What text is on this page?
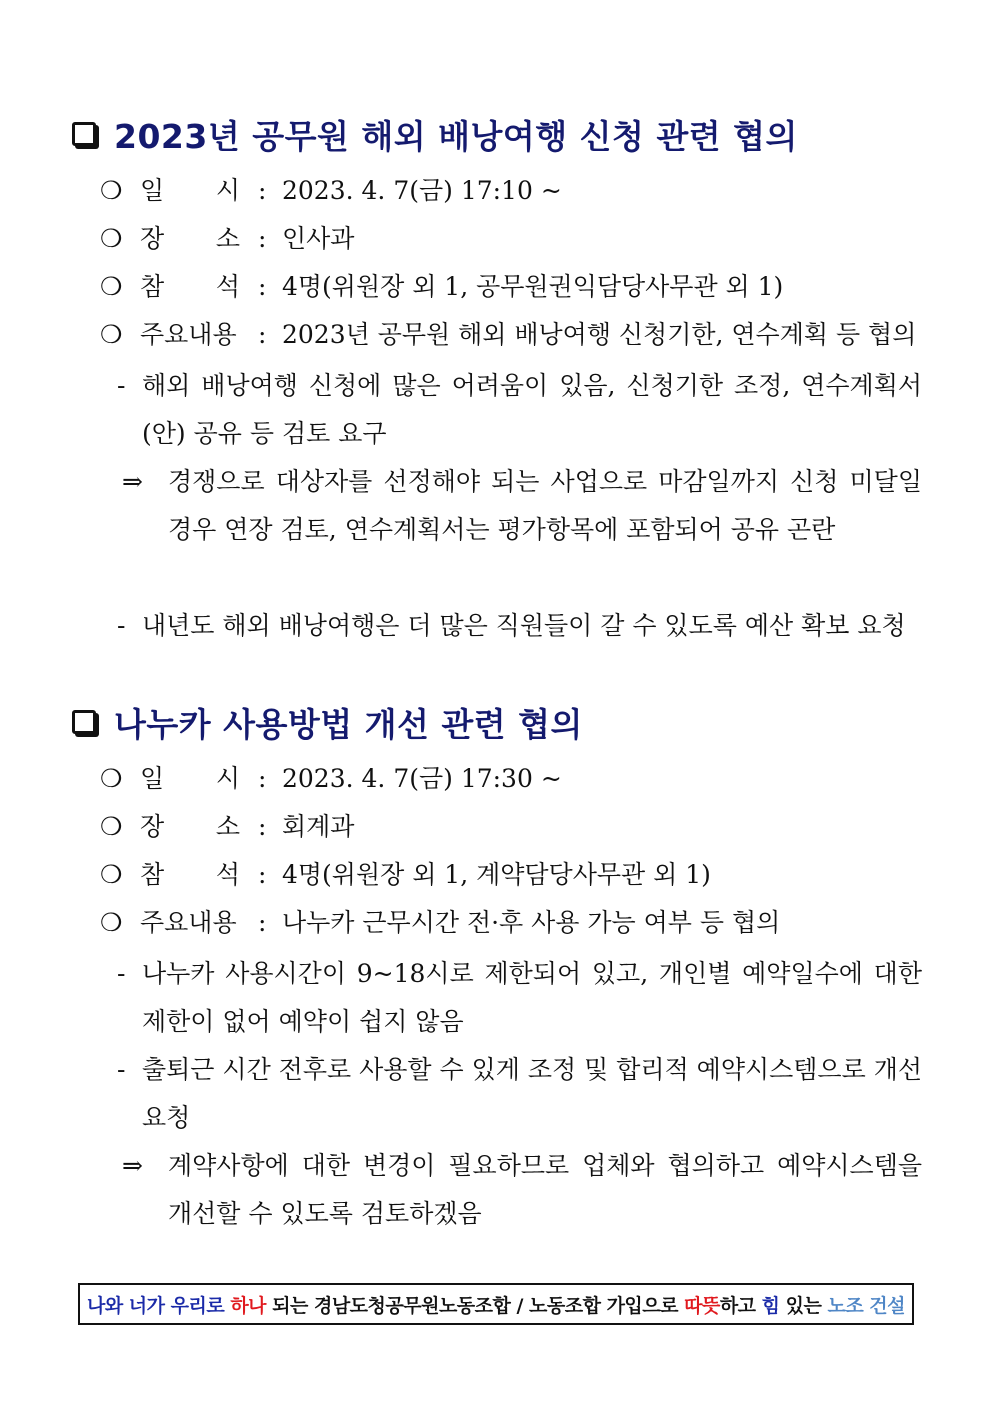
2023년 공무원 해외 배낭여행 신청 관련 협의
❍ 일 시 : 2023. 4. 7(금) 17:10 ~
❍ 장 소 : 인사과
❍ 참 석 : 4명(위원장 외 1, 공무원권익담당사무관 외 1)
❍ 주요내용 : 2023년 공무원 해외 배낭여행 신청기한, 연수계획 등 협의
- 해외 배낭여행 신청에 많은 어려움이 있음, 신청기한 조정, 연수계획서(안) 공유 등 검토 요구
⇒ 경쟁으로 대상자를 선정해야 되는 사업으로 마감일까지 신청 미달일 경우 연장 검토, 연수계획서는 평가항목에 포함되어 공유 곤란
- 내년도 해외 배낭여행은 더 많은 직원들이 갈 수 있도록 예산 확보 요청
나누카 사용방법 개선 관련 협의
❍ 일 시 : 2023. 4. 7(금) 17:30 ~
❍ 장 소 : 회계과
❍ 참 석 : 4명(위원장 외 1, 계약담당사무관 외 1)
❍ 주요내용 : 나누카 근무시간 전·후 사용 가능 여부 등 협의
- 나누카 사용시간이 9~18시로 제한되어 있고, 개인별 예약일수에 대한 제한이 없어 예약이 쉽지 않음
- 출퇴근 시간 전후로 사용할 수 있게 조정 및 합리적 예약시스템으로 개선 요청
⇒ 계약사항에 대한 변경이 필요하므로 업체와 협의하고 예약시스템을 개선할 수 있도록 검토하겠음
나와 너가 우리로 하나 되는 경남도청공무원노동조합 / 노동조합 가입으로 따뜻 하고 힘 있는 노조 건설
